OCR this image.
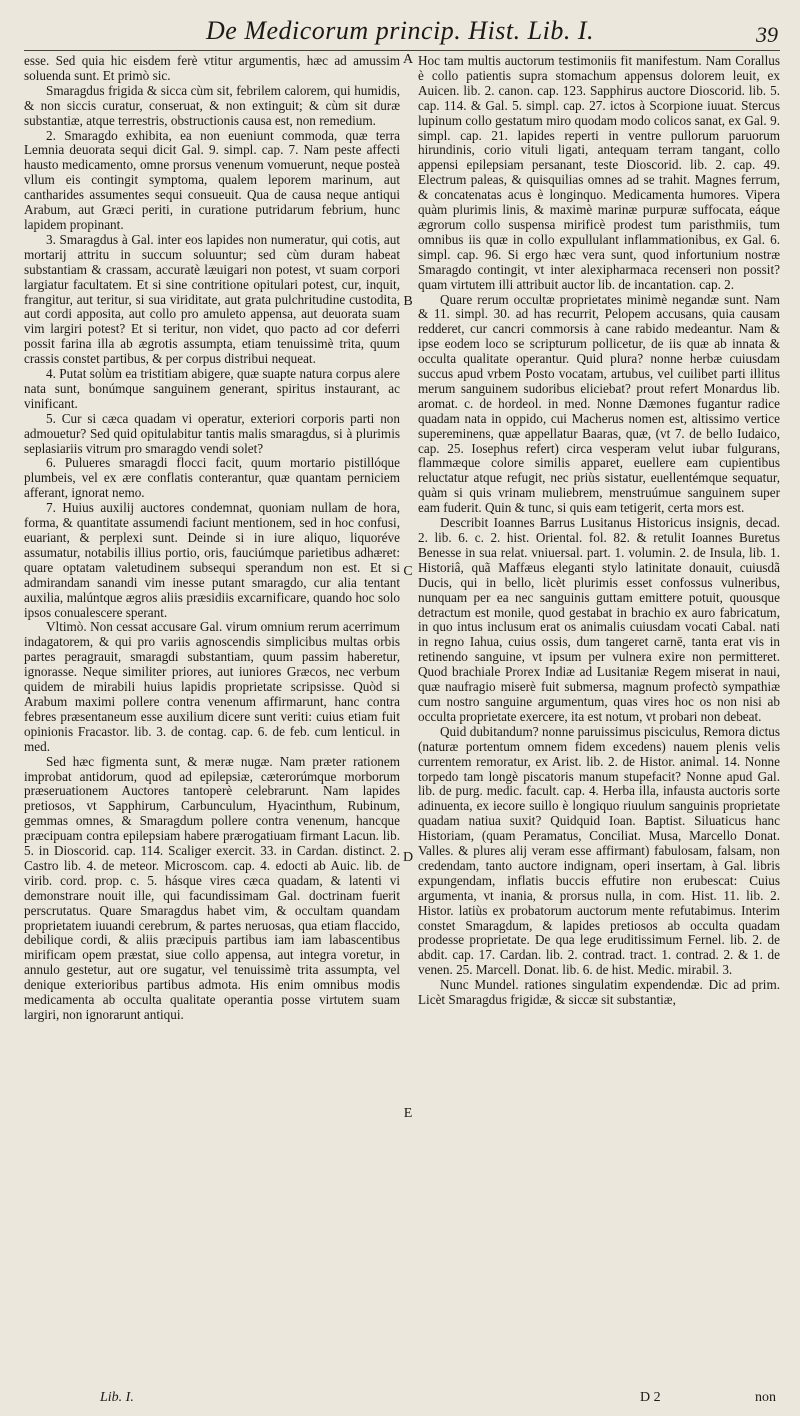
De Medicorum princip. Hist. Lib. I.	39

esse. Sed quia hic eisdem ferè vtitur argumentis, hæc ad amussim soluenda sunt. Et primò sic.

Smaragdus frigida & sicca cùm sit, febrilem calorem, qui humidis, & non siccis curatur, conseruat, & non extinguit; & cùm sit duræ substantiæ, atque terrestris, obstructionis causa est, non remedium.

2. Smaragdo exhibita, ea non eueniunt commoda, quæ terra Lemnia deuorata sequi dicit Gal. 9. simpl. cap. 7. Nam peste affecti hausto medicamento, omne prorsus venenum vomuerunt, neque posteà vllum eis contingit symptoma, qualem leporem marinum, aut cantharides assumentes sequi consueuit. Qua de causa neque antiqui Arabum, aut Græci periti, in curatione putridarum febrium, hunc lapidem propinant.

3. Smaragdus à Gal. inter eos lapides non numeratur, qui cotis, aut mortarij attritu in succum soluuntur; sed cùm duram habeat substantiam & crassam, accuratè læuigari non potest, vt suam corpori largiatur facultatem. Et si sine contritione opitulari potest, cur, inquit, frangitur, aut teritur, si sua viriditate, aut grata pulchritudine custodita, aut cordi apposita, aut collo pro amuleto appensa, aut deuorata suam vim largiri potest? Et si teritur, non videt, quo pacto ad cor deferri possit farina illa ab ægrotis assumpta, etiam tenuissimè trita, quum crassis constet partibus, & per corpus distribui nequeat.

4. Putat solùm ea tristitiam abigere, quæ suapte natura corpus alere nata sunt, bonúmque sanguinem generant, spiritus instaurant, ac vinificant.

5. Cur si cæca quadam vi operatur, exteriori corporis parti non admouetur? Sed quid opitulabitur tantis malis smaragdus, si à plurimis seplasiariis vitrum pro smaragdo vendi solet?

6. Pulueres smaragdi flocci facit, quum mortario pistillóque plumbeis, vel ex ære conflatis conterantur, quæ quantam perniciem afferant, ignorat nemo.

7. Huius auxilij auctores condemnat, quoniam nullam de hora, forma, & quantitate assumendi faciunt mentionem, sed in hoc confusi, euariant, & perplexi sunt. Deinde si in iure aliquo, liquoréve assumatur, notabilis illius portio, oris, fauciúmque parietibus adhæret: quare optatam valetudinem subsequi sperandum non est. Et si admirandam sanandi vim inesse putant smaragdo, cur alia tentant auxilia, malúntque ægros aliis præsidiis excarnificare, quando hoc solo ipsos conualescere sperant.

Vltimò. Non cessat accusare Gal. virum omnium rerum acerrimum indagatorem, & qui pro variis agnoscendis simplicibus multas orbis partes peragrauit, smaragdi substantiam, quum passim haberetur, ignorasse. Neque similiter priores, aut iuniores Græcos, nec verbum quidem de mirabili huius lapidis proprietate scripsisse. Quòd si Arabum maximi pollere contra venenum affirmarunt, hanc contra febres præsentaneum esse auxilium dicere sunt veriti: cuius etiam fuit opinionis Fracastor. lib. 3. de contag. cap. 6. de feb. cum lenticul. in med.

Sed hæc figmenta sunt, & meræ nugæ. Nam præter rationem improbat antidorum, quod ad epilepsiæ, cæterorúmque morborum præseruationem Auctores tantoperè celebrarunt. Nam lapides pretiosos, vt Sapphirum, Carbunculum, Hyacinthum, Rubinum, gemmas omnes, & Smaragdum pollere contra venenum, hancque præcipuam contra epilepsiam habere prærogatiuam firmant Lacun. lib. 5. in Dioscorid. cap. 114. Scaliger exercit. 33. in Cardan. distinct. 2. Castro lib. 4. de meteor. Microscom. cap. 4. edocti ab Auic. lib. de virib. cord. prop. c. 5. hásque vires cæca quadam, & latenti vi demonstrare nouit ille, qui facundissimam Gal. doctrinam fuerit perscrutatus. Quare Smaragdus habet vim, & occultam quandam proprietatem iuuandi cerebrum, & partes neruosas, qua etiam flaccido, debilique cordi, & aliis præcipuis partibus iam iam labascentibus mirificam opem præstat, siue collo appensa, aut integra voretur, in annulo gestetur, aut ore sugatur, vel tenuissimè trita assumpta, vel denique exterioribus partibus admota. His enim omnibus modis medicamenta ab occulta qualitate operantia posse virtutem suam largiri, non ignorarunt antiqui.

A
B
C
D
E

Hoc tam multis auctorum testimoniis fit manifestum. Nam Corallus è collo patientis supra stomachum appensus dolorem leuit, ex Auicen. lib. 2. canon. cap. 123. Sapphirus auctore Dioscorid. lib. 5. cap. 114. & Gal. 5. simpl. cap. 27. ictos à Scorpione iuuat. Stercus lupinum collo gestatum miro quodam modo colicos sanat, ex Gal. 9. simpl. cap. 21. lapides reperti in ventre pullorum paruorum hirundinis, corio vituli ligati, antequam terram tangant, collo appensi epilepsiam persanant, teste Dioscorid. lib. 2. cap. 49. Electrum paleas, & quisquilias omnes ad se trahit. Magnes ferrum, & concatenatas acus è longinquo. Medicamenta humores. Vipera quàm plurimis linis, & maximè marinæ purpuræ suffocata, eáque ægrorum collo suspensa mirificè prodest tum paristhmiis, tum omnibus iis quæ in collo expullulant inflammationibus, ex Gal. 6. simpl. cap. 96. Si ergo hæc vera sunt, quod infortunium nostræ Smaragdo contingit, vt inter alexipharmaca recenseri non possit? quam virtutem illi attribuit auctor lib. de incantation. cap. 2.

Quare rerum occultæ proprietates minimè negandæ sunt. Nam & 11. simpl. 30. ad has recurrit, Pelopem accusans, quia causam redderet, cur cancri commorsis à cane rabido medeantur. Nam & ipse eodem loco se scripturum pollicetur, de iis quæ ab innata & occulta qualitate operantur. Quid plura? nonne herbæ cuiusdam succus apud vrbem Posto vocatam, artubus, vel cuilibet parti illitus merum sanguinem sudoribus eliciebat? prout refert Monardus lib. aromat. c. de hordeol. in med. Nonne Dæmones fugantur radice quadam nata in oppido, cui Macherus nomen est, altissimo vertice supereminens, quæ appellatur Baaras, quæ, (vt 7. de bello Iudaico, cap. 25. Iosephus refert) circa vesperam velut iubar fulgurans, flammæque colore similis apparet, euellere eam cupientibus reluctatur atque refugit, nec priùs sistatur, euellentémque sequatur, quàm si quis vrinam muliebrem, menstruúmue sanguinem super eam fuderit. Quin & tunc, si quis eam tetigerit, certa mors est.

Describit Ioannes Barrus Lusitanus Historicus insignis, decad. 2. lib. 6. c. 2. hist. Oriental. fol. 82. & retulit Ioannes Buretus Benesse in sua relat. vniuersal. part. 1. volumin. 2. de Insula, lib. 1. Historiâ, quã Maffæus eleganti stylo latinitate donauit, cuiusdã Ducis, qui in bello, licèt plurimis esset confossus vulneribus, nunquam per ea nec sanguinis guttam emittere potuit, quousque detractum est monile, quod gestabat in brachio ex auro fabricatum, in quo intus inclusum erat os animalis cuiusdam vocati Cabal. nati in regno Iahua, cuius ossis, dum tangeret carnē, tanta erat vis in retinendo sanguine, vt ipsum per vulnera exire non permitteret. Quod brachiale Prorex Indiæ ad Lusitaniæ Regem miserat in naui, quæ naufragio miserè fuit submersa, magnum profectò sympathiæ cum nostro sanguine argumentum, quas vires hoc os non nisi ab occulta proprietate exercere, ita est notum, vt probari non debeat.

Quid dubitandum? nonne paruissimus pisciculus, Remora dictus (naturæ portentum omnem fidem excedens) nauem plenis velis currentem remoratur, ex Arist. lib. 2. de Histor. animal. 14. Nonne torpedo tam longè piscatoris manum stupefacit? Nonne apud Gal. lib. de purg. medic. facult. cap. 4. Herba illa, infausta auctoris sorte adinuenta, ex iecore suillo è longiquo riuulum sanguinis proprietate quadam natiua suxit? Quidquid Ioan. Baptist. Siluaticus hanc Historiam, (quam Peramatus, Conciliat. Musa, Marcello Donat. Valles. & plures alij veram esse affirmant) fabulosam, falsam, non credendam, tanto auctore indignam, operi insertam, à Gal. libris expungendam, inflatis buccis effutire non erubescat: Cuius argumenta, vt inania, & prorsus nulla, in com. Hist. 11. lib. 2. Histor. latiùs ex probatorum auctorum mente refutabimus. Interim constet Smaragdum, & lapides pretiosos ab occulta quadam prodesse proprietate. De qua lege eruditissimum Fernel. lib. 2. de abdit. cap. 17. Cardan. lib. 2. contrad. tract. 1. contrad. 2. & 1. de venen. 25. Marcell. Donat. lib. 6. de hist. Medic. mirabil. 3.

Nunc Mundel. rationes singulatim expendendæ. Dic ad prim. Licèt Smaragdus frigidæ, & siccæ sit substantiæ,

Lib. I.	D 2	non
